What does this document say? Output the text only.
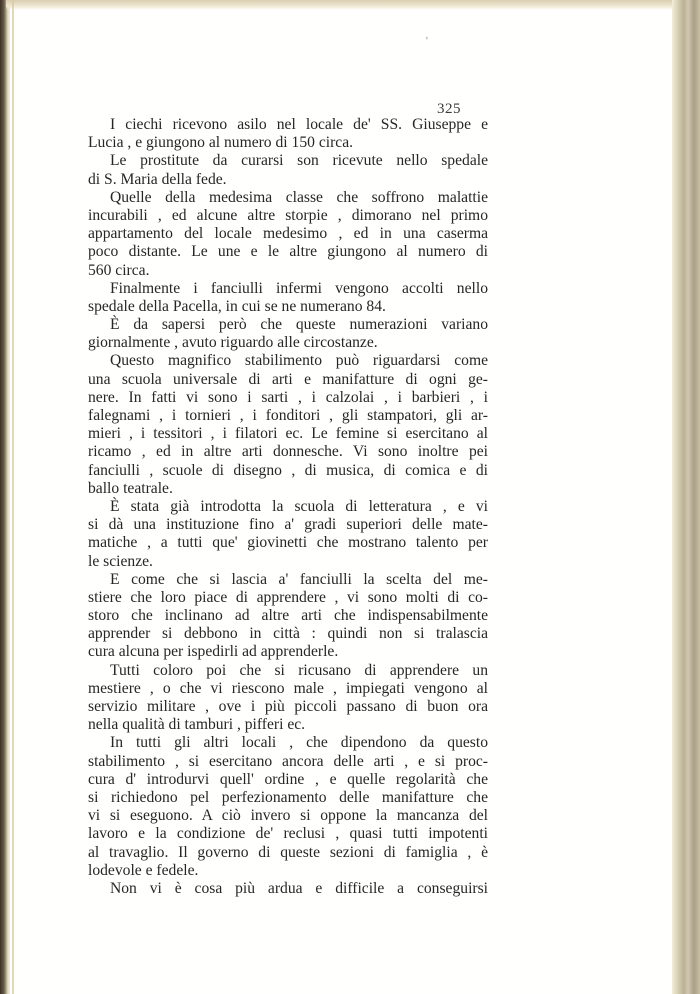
'
325
I ciechi ricevono asilo nel locale de' SS. Giuseppe e
Lucia , e giungono al numero di 150 circa.
Le prostitute da curarsi son ricevute nello spedale
di S. Maria della fede.
Quelle della medesima classe che soffrono malattie
incurabili , ed alcune altre storpie , dimorano nel primo
appartamento del locale medesimo , ed in una caserma
poco distante. Le une e le altre giungono al numero di
560 circa.
Finalmente i fanciulli infermi vengono accolti nello
spedale della Pacella, in cui se ne numerano 84.
È da sapersi però che queste numerazioni variano
giornalmente , avuto riguardo alle circostanze.
Questo magnifico stabilimento può riguardarsi come
una scuola universale di arti e manifatture di ogni ge-
nere. In fatti vi sono i sarti , i calzolai , i barbieri , i
falegnami , i tornieri , i fonditori , gli stampatori, gli ar-
mieri , i tessitori , i filatori ec. Le femine si esercitano al
ricamo , ed in altre arti donnesche. Vi sono inoltre pei
fanciulli , scuole di disegno , di musica, di comica e di
ballo teatrale.
È stata già introdotta la scuola di letteratura , e vi
si dà una instituzione fino a' gradi superiori delle mate-
matiche , a tutti que' giovinetti che mostrano talento per
le scienze.
E come che si lascia a' fanciulli la scelta del me-
stiere che loro piace di apprendere , vi sono molti di co-
storo che inclinano ad altre arti che indispensabilmente
apprender si debbono in città : quindi non si tralascia
cura alcuna per ispedirli ad apprenderle.
Tutti coloro poi che si ricusano di apprendere un
mestiere , o che vi riescono male , impiegati vengono al
servizio militare , ove i più piccoli passano di buon ora
nella qualità di tamburi , pifferi ec.
In tutti gli altri locali , che dipendono da questo
stabilimento , si esercitano ancora delle arti , e si proc-
cura d' introdurvi quell' ordine , e quelle regolarità che
si richiedono pel perfezionamento delle manifatture che
vi si eseguono. A ciò invero si oppone la mancanza del
lavoro e la condizione de' reclusi , quasi tutti impotenti
al travaglio. Il governo di queste sezioni di famiglia , è
lodevole e fedele.
Non vi è cosa più ardua e difficile a conseguirsi
